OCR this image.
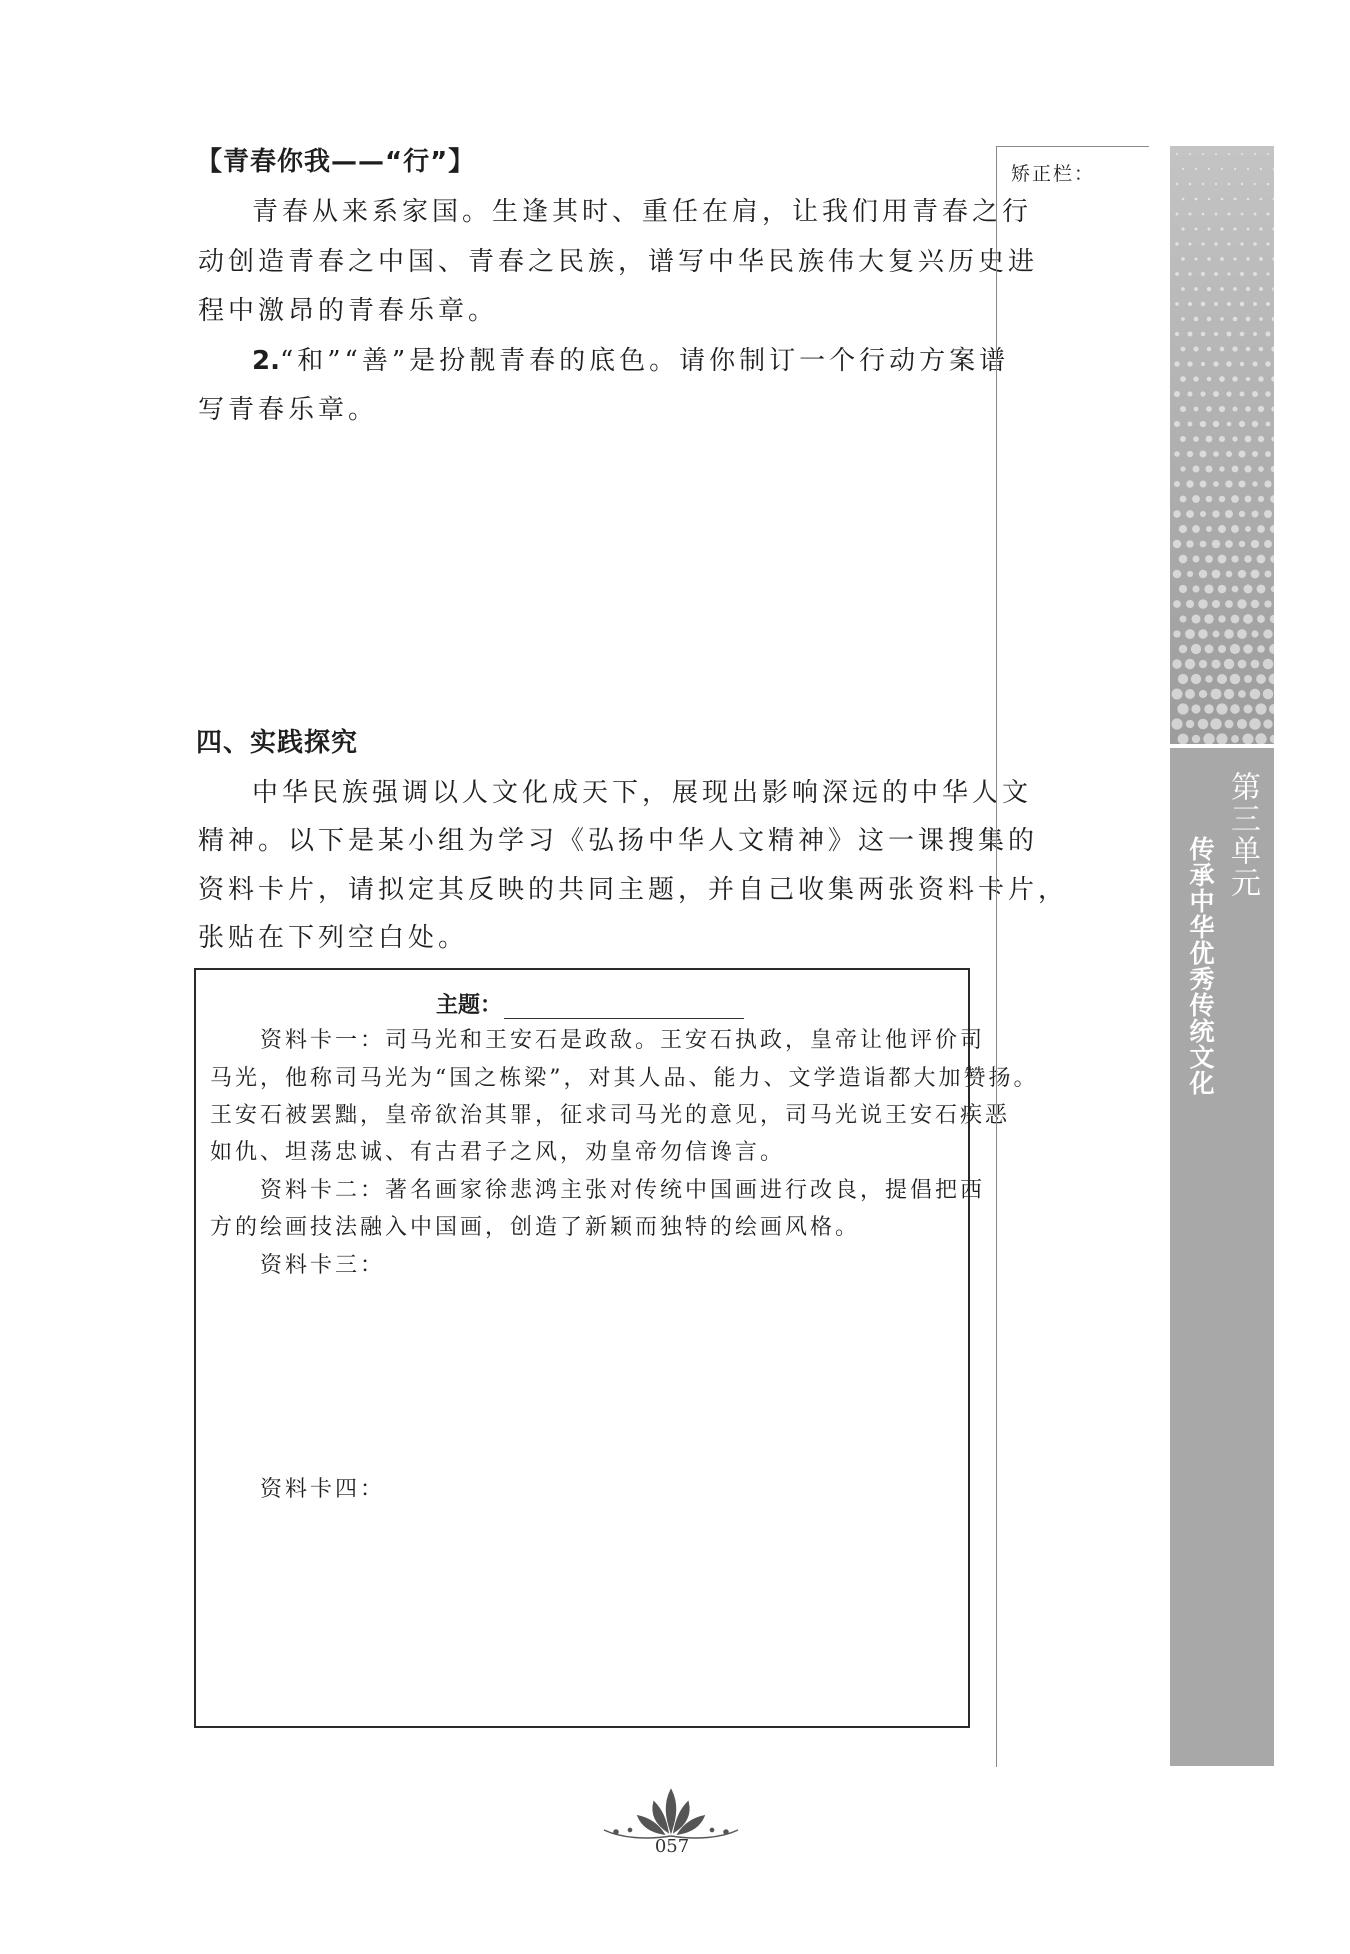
【青春你我——“行”】
青春从来系家国。生逢其时、重任在肩，让我们用青春之行
动创造青春之中国、青春之民族，谱写中华民族伟大复兴历史进
程中激昂的青春乐章。
2.“和”“善”是扮靓青春的底色。请你制订一个行动方案谱
写青春乐章。
四、实践探究
中华民族强调以人文化成天下，展现出影响深远的中华人文
精神。以下是某小组为学习《弘扬中华人文精神》这一课搜集的
资料卡片，请拟定其反映的共同主题，并自己收集两张资料卡片，
张贴在下列空白处。
主题：
资料卡一：司马光和王安石是政敌。王安石执政，皇帝让他评价司
马光，他称司马光为“国之栋梁”，对其人品、能力、文学造诣都大加赞扬。
王安石被罢黜，皇帝欲治其罪，征求司马光的意见，司马光说王安石疾恶
如仇、坦荡忠诚、有古君子之风，劝皇帝勿信谗言。
资料卡二：著名画家徐悲鸿主张对传统中国画进行改良，提倡把西
方的绘画技法融入中国画，创造了新颖而独特的绘画风格。
资料卡三：
资料卡四：
矫正栏：
第三单元
传承中华优秀传统文化
057
